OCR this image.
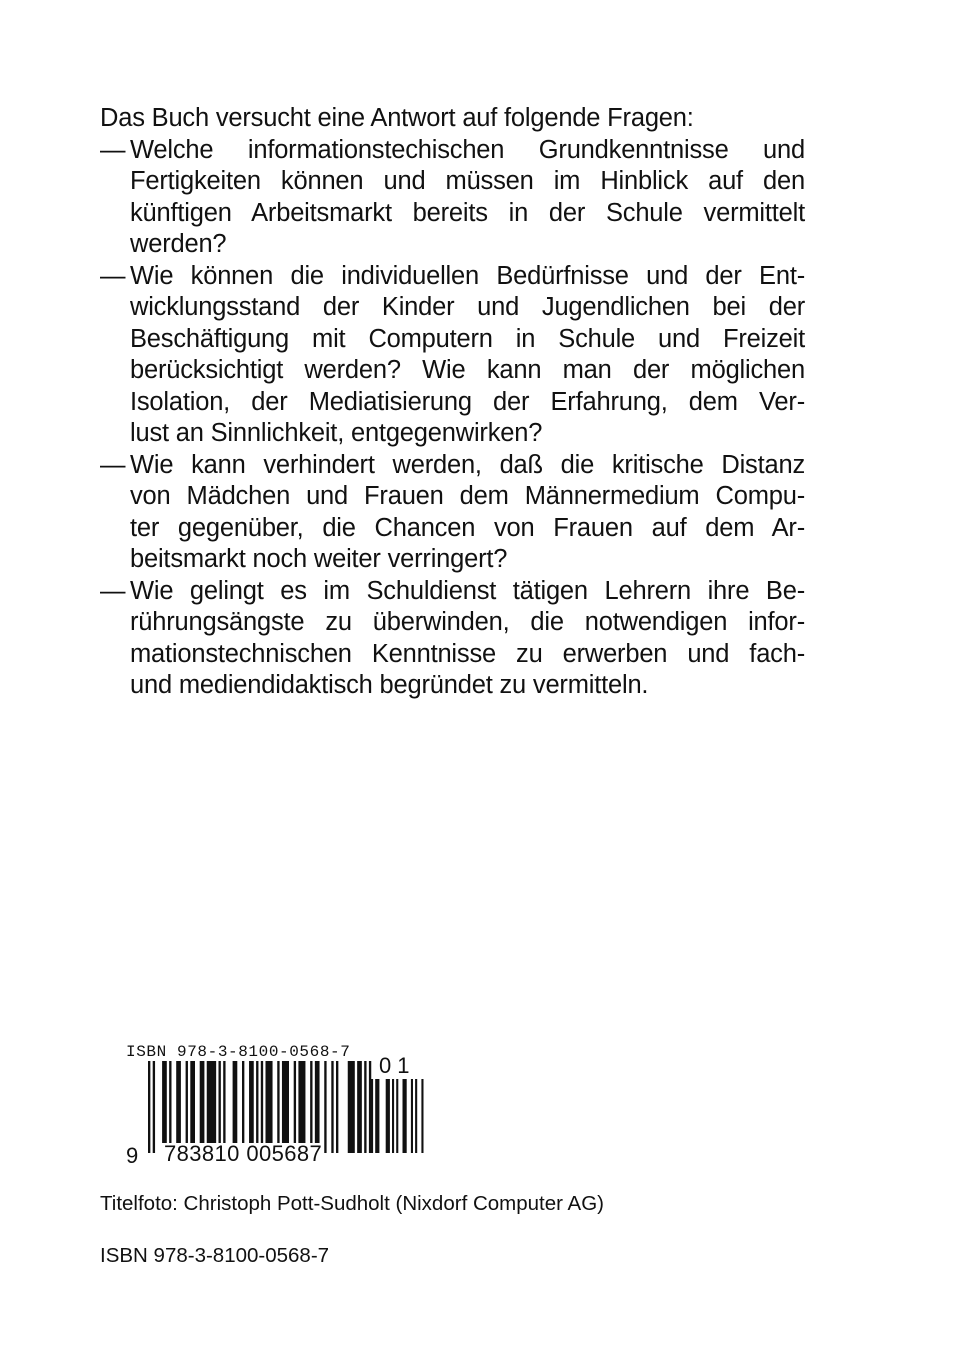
Das Buch versucht eine Antwort auf folgende Fragen:

— Welche informationstechischen Grundkenntnisse und
Fertigkeiten können und müssen im Hinblick auf den
künftigen Arbeitsmarkt bereits in der Schule vermittelt
werden?
— Wie können die individuellen Bedürfnisse und der Ent-
wicklungsstand der Kinder und Jugendlichen bei der
Beschäftigung mit Computern in Schule und Freizeit
berücksichtigt werden? Wie kann man der möglichen
Isolation, der Mediatisierung der Erfahrung, dem Ver-
lust an Sinnlichkeit, entgegenwirken?
— Wie kann verhindert werden, daß die kritische Distanz
von Mädchen und Frauen dem Männermedium Compu-
ter gegenüber, die Chancen von Frauen auf dem Ar-
beitsmarkt noch weiter verringert?
— Wie gelingt es im Schuldienst tätigen Lehrern ihre Be-
rührungsängste zu überwinden, die notwendigen infor-
mationstechnischen Kenntnisse zu erwerben und fach-
und mediendidaktisch begründet zu vermitteln.
ISBN 978-3-8100-0568-7
01
9 783810 005687
Titelfoto: Christoph Pott-Sudholt (Nixdorf Computer AG)
ISBN 978-3-8100-0568-7
